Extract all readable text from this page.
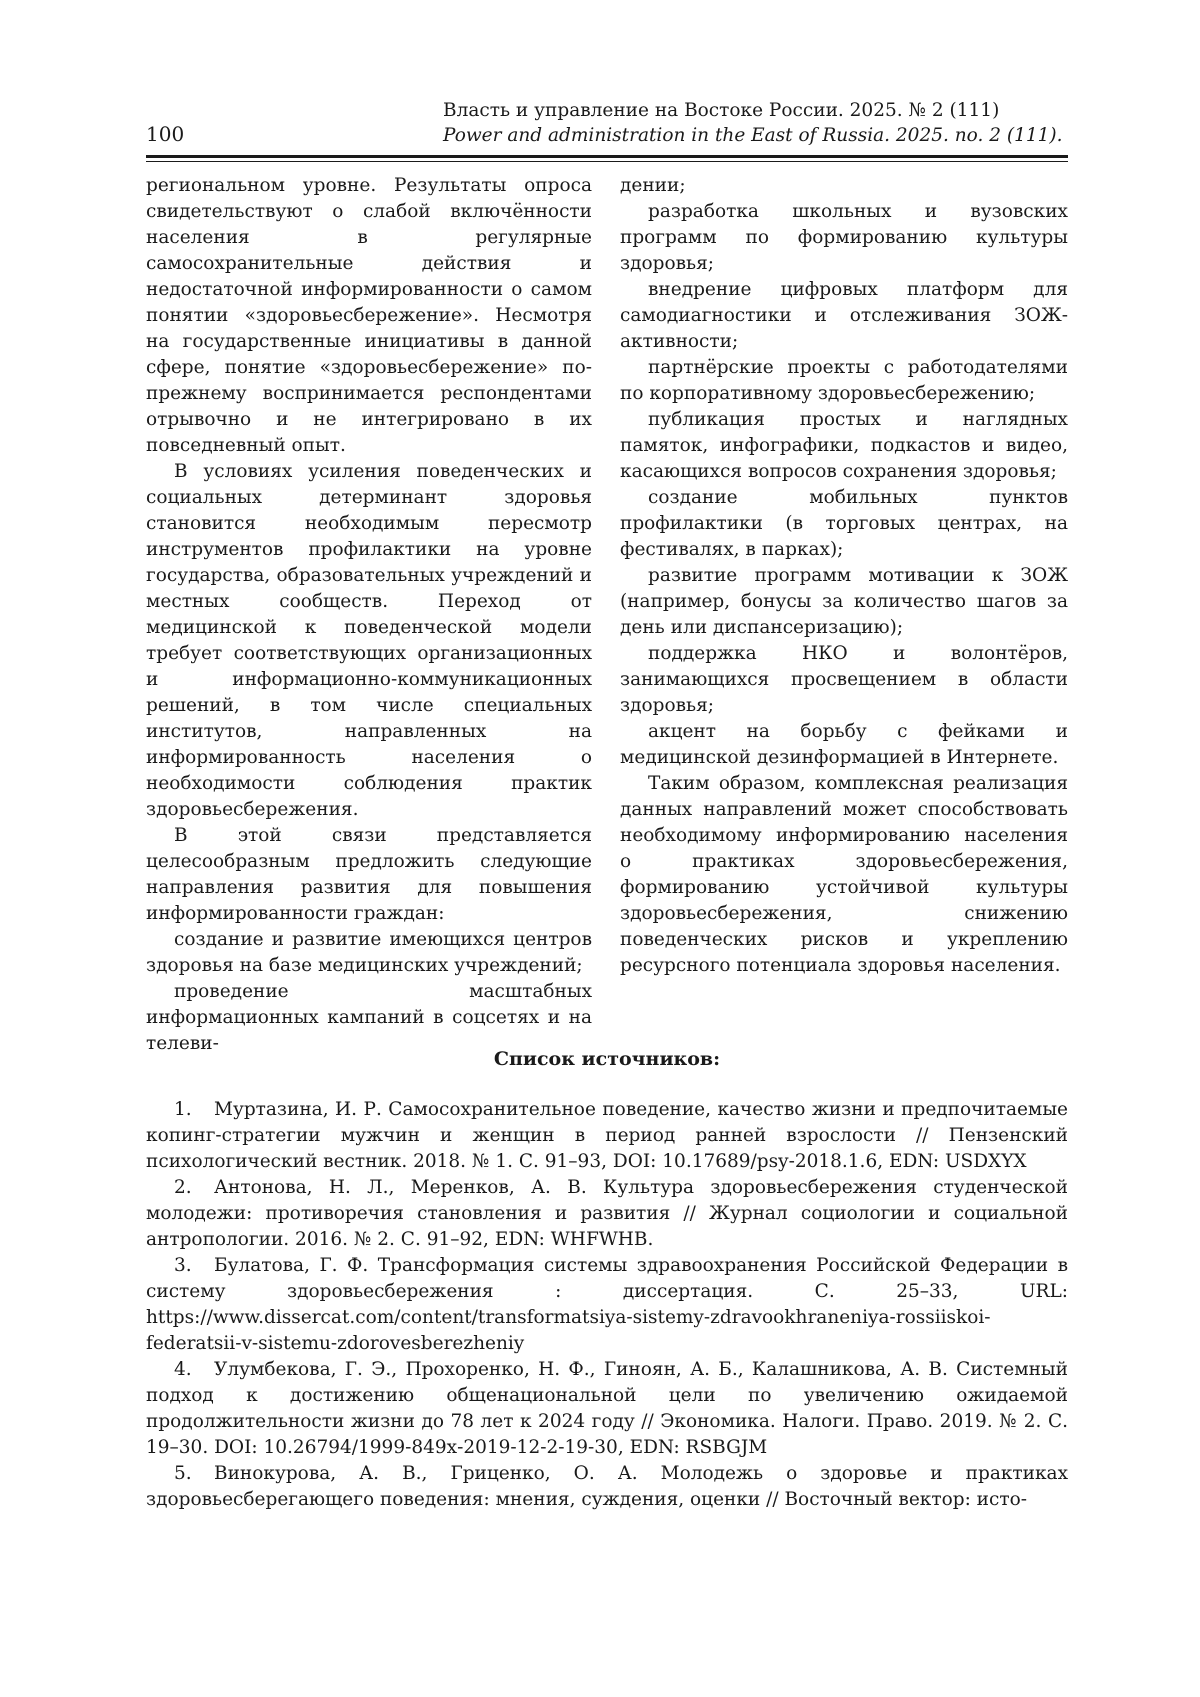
100
Власть и управление на Востоке России. 2025. № 2 (111)
Power and administration in the East of Russia. 2025. no. 2 (111).

региональном уровне. Результаты опроса свидетельствуют о слабой включённости населения в регулярные самосохранительные действия и недостаточной информированности о самом понятии «здоровьесбережение». Несмотря на государственные инициативы в данной сфере, понятие «здоровьесбережение» по-прежнему воспринимается респондентами отрывочно и не интегрировано в их повседневный опыт.

В условиях усиления поведенческих и социальных детерминант здоровья становится необходимым пересмотр инструментов профилактики на уровне государства, образовательных учреждений и местных сообществ. Переход от медицинской к поведенческой модели требует соответствующих организационных и информационно-коммуникационных решений, в том числе специальных институтов, направленных на информированность населения о необходимости соблюдения практик здоровьесбережения.

В этой связи представляется целесообразным предложить следующие направления развития для повышения информированности граждан:

создание и развитие имеющихся центров здоровья на базе медицинских учреждений;

проведение масштабных информационных кампаний в соцсетях и на телеви-

дении;

разработка школьных и вузовских программ по формированию культуры здоровья;

внедрение цифровых платформ для самодиагностики и отслеживания ЗОЖ-активности;

партнёрские проекты с работодателями по корпоративному здоровьесбережению;

публикация простых и наглядных памяток, инфографики, подкастов и видео, касающихся вопросов сохранения здоровья;

создание мобильных пунктов профилактики (в торговых центрах, на фестивалях, в парках);

развитие программ мотивации к ЗОЖ (например, бонусы за количество шагов за день или диспансеризацию);

поддержка НКО и волонтёров, занимающихся просвещением в области здоровья;

акцент на борьбу с фейками и медицинской дезинформацией в Интернете.

Таким образом, комплексная реализация данных направлений может способствовать необходимому информированию населения о практиках здоровьесбережения, формированию устойчивой культуры здоровьесбережения, снижению поведенческих рисков и укреплению ресурсного потенциала здоровья населения.

Список источников:

1. Муртазина, И. Р. Самосохранительное поведение, качество жизни и предпочитаемые копинг-стратегии мужчин и женщин в период ранней взрослости // Пензенский психологический вестник. 2018. № 1. С. 91–93, DOI: 10.17689/psy-2018.1.6, EDN: USDXYX

2. Антонова, Н. Л., Меренков, А. В. Культура здоровьесбережения студенческой молодежи: противоречия становления и развития // Журнал социологии и социальной антропологии. 2016. № 2. С. 91–92, EDN: WHFWHB.

3. Булатова, Г. Ф. Трансформация системы здравоохранения Российской Федерации в систему здоровьесбережения : диссертация. С. 25–33, URL: https://www.dissercat.com/content/transformatsiya-sistemy-zdravookhraneniya-rossiiskoi-federatsii-v-sistemu-zdorovesberezheniy

4. Улумбекова, Г. Э., Прохоренко, Н. Ф., Гиноян, А. Б., Калашникова, А. В. Системный подход к достижению общенациональной цели по увеличению ожидаемой продолжительности жизни до 78 лет к 2024 году // Экономика. Налоги. Право. 2019. № 2. С. 19–30. DOI: 10.26794/1999-849х-2019-12-2-19-30, EDN: RSBGJM

5. Винокурова, А. В., Гриценко, О. А. Молодежь о здоровье и практиках здоровьесберегающего поведения: мнения, суждения, оценки // Восточный вектор: исто-
